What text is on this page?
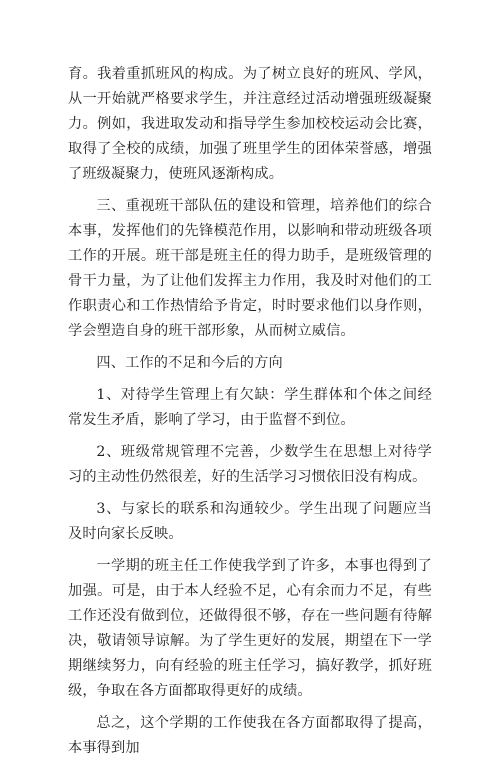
育。我着重抓班风的构成。为了树立良好的班风、学风，从一开始就严格要求学生，并注意经过活动增强班级凝聚力。例如，我进取发动和指导学生参加校校运动会比赛，取得了全校的成绩，加强了班里学生的团体荣誉感，增强了班级凝聚力，使班风逐渐构成。

三、重视班干部队伍的建设和管理，培养他们的综合本事，发挥他们的先锋模范作用，以影响和带动班级各项工作的开展。班干部是班主任的得力助手，是班级管理的骨干力量，为了让他们发挥主力作用，我及时对他们的工作职责心和工作热情给予肯定，时时要求他们以身作则，学会塑造自身的班干部形象，从而树立威信。

四、工作的不足和今后的方向

1、对待学生管理上有欠缺：学生群体和个体之间经常发生矛盾，影响了学习，由于监督不到位。

2、班级常规管理不完善，少数学生在思想上对待学习的主动性仍然很差，好的生活学习习惯依旧没有构成。

3、与家长的联系和沟通较少。学生出现了问题应当及时向家长反映。

一学期的班主任工作使我学到了许多，本事也得到了加强。可是，由于本人经验不足，心有余而力不足，有些工作还没有做到位，还做得很不够，存在一些问题有待解决，敬请领导谅解。为了学生更好的发展，期望在下一学期继续努力，向有经验的班主任学习，搞好教学，抓好班级，争取在各方面都取得更好的成绩。

总之，这个学期的工作使我在各方面都取得了提高，本事得到加
